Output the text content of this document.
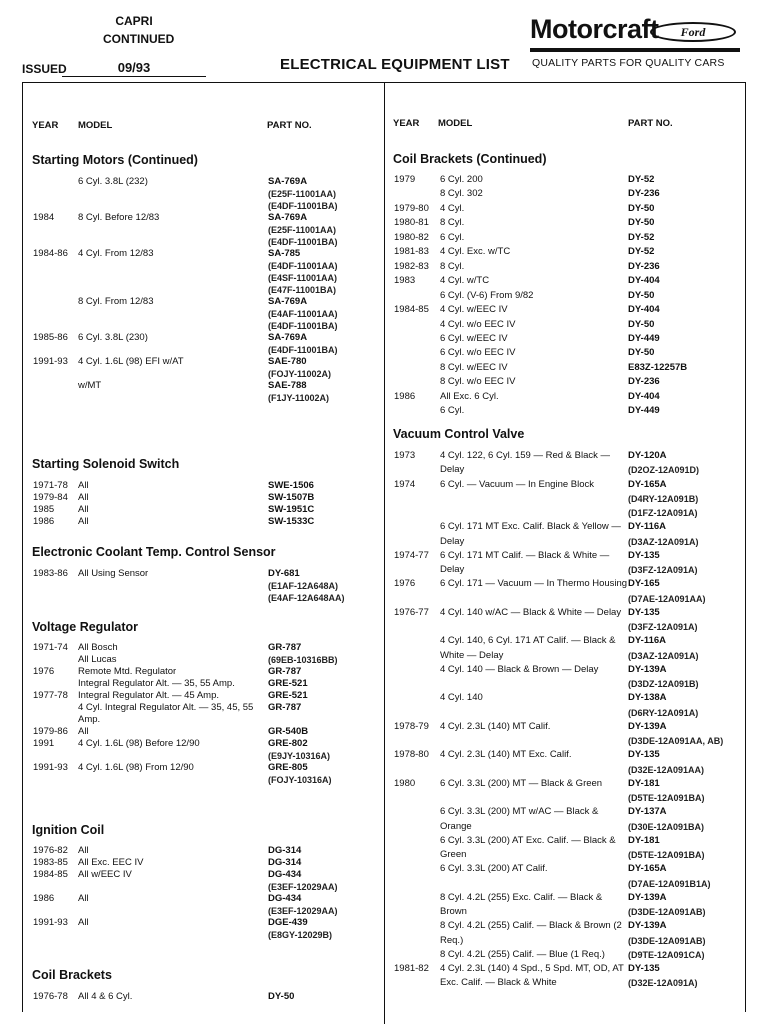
CAPRI
CONTINUED
ISSUED	09/93	ELECTRICAL EQUIPMENT LIST
Motorcraft	Ford
QUALITY PARTS FOR QUALITY CARS
YEAR MODEL	PART NO.	YEAR MODEL	PART NO.
Starting Motors (Continued)
6 Cyl. 3.8L (232)	SA-769A
(E25F-11001AA)
(E4DF-11001BA)
1984	8 Cyl. Before 12/83	SA-769A
(E25F-11001AA)
(E4DF-11001BA)
1984-86	4 Cyl. From 12/83	SA-785
(E4DF-11001AA)
(E4SF-11001AA)
(E47F-11001BA)
8 Cyl. From 12/83	SA-769A
(E4AF-11001AA)
(E4DF-11001BA)
1985-86	6 Cyl. 3.8L (230)	SA-769A
(E4DF-11001BA)
1991-93	4 Cyl. 1.6L (98) EFI w/AT	SAE-780
(FOJY-11002A)
w/MT	SAE-788
(F1JY-11002A)
Starting Solenoid Switch
1971-78	All	SWE-1506
1979-84	All	SW-1507B
1985	All	SW-1951C
1986	All	SW-1533C
Electronic Coolant Temp. Control Sensor
1983-86	All Using Sensor	DY-681
(E1AF-12A648A)
(E4AF-12A648AA)
Voltage Regulator
1971-74	All Bosch	GR-787
All Lucas	(69EB-10316BB)
1976	Remote Mtd. Regulator	GR-787
Integral Regulator Alt. — 35, 55 Amp.	GRE-521
1977-78	Integral Regulator Alt. — 45 Amp.	GRE-521
4 Cyl. Integral Regulator Alt. — 35, 45, 55 GR-787
Amp.
1979-86	All	GR-540B
1991	4 Cyl. 1.6L (98) Before 12/90	GRE-802
(E9JY-10316A)
1991-93	4 Cyl. 1.6L (98) From 12/90	GRE-805
(FOJY-10316A)
Ignition Coil
1976-82	All	DG-314
1983-85	All Exc. EEC IV	DG-314
1984-85	All w/EEC IV	DG-434
(E3EF-12029AA)
1986	All	DG-434
(E3EF-12029AA)
1991-93	All	DGE-439
(E8GY-12029B)
Coil Brackets
1976-78	All 4 & 6 Cyl.	DY-50
Coil Brackets (Continued)
1979	6 Cyl. 200	DY-52
8 Cyl. 302	DY-236
1979-80	4 Cyl.	DY-50
1980-81	8 Cyl.	DY-50
1980-82	6 Cyl.	DY-52
1981-83	4 Cyl. Exc. w/TC	DY-52
1982-83	8 Cyl.	DY-236
1983	4 Cyl. w/TC	DY-404
6 Cyl. (V-6) From 9/82	DY-50
1984-85	4 Cyl. w/EEC IV	DY-404
4 Cyl. w/o EEC IV	DY-50
6 Cyl. w/EEC IV	DY-449
6 Cyl. w/o EEC IV	DY-50
8 Cyl. w/EEC IV	E83Z-12257B
8 Cyl. w/o EEC IV	DY-236
1986	All Exc. 6 Cyl.	DY-404
6 Cyl.	DY-449
Vacuum Control Valve
1973	4 Cyl. 122, 6 Cyl. 159 — Red & Black — DY-120A
Delay	(D2OZ-12A091D)
1974	6 Cyl. — Vacuum — In Engine Block	DY-165A
(D4RY-12A091B)
(D1FZ-12A091A)
6 Cyl. 171 MT Exc. Calif. Black & Yellow — DY-116A
Delay	(D3AZ-12A091A)
1974-77	6 Cyl. 171 MT Calif. — Black & White — DY-135
Delay	(D3FZ-12A091A)
1976	6 Cyl. 171 — Vacuum — In Thermo Housing DY-165
(D7AE-12A091AA)
1976-77	4 Cyl. 140 w/AC — Black & White — Delay DY-135
(D3FZ-12A091A)
4 Cyl. 140, 6 Cyl. 171 AT Calif. — Black & DY-116A
White — Delay	(D3AZ-12A091A)
4 Cyl. 140 — Black & Brown — Delay	DY-139A
(D3DZ-12A091B)
4 Cyl. 140	DY-138A
(D6RY-12A091A)
1978-79	4 Cyl. 2.3L (140) MT Calif.	DY-139A
(D3DE-12A091AA, AB)
1978-80	4 Cyl. 2.3L (140) MT Exc. Calif.	DY-135
(D32E-12A091AA)
1980	6 Cyl. 3.3L (200) MT — Black & Green	DY-181
(D5TE-12A091BA)
6 Cyl. 3.3L (200) MT w/AC — Black &	DY-137A
Orange	(D30E-12A091BA)
6 Cyl. 3.3L (200) AT Exc. Calif. — Black & DY-181
Green	(D5TE-12A091BA)
6 Cyl. 3.3L (200) AT Calif.	DY-165A
(D7AE-12A091B1A)
8 Cyl. 4.2L (255) Exc. Calif. — Black &	DY-139A
Brown	(D3DE-12A091AB)
8 Cyl. 4.2L (255) Calif. — Black & Brown (2 DY-139A
Req.)	(D3DE-12A091AB)
8 Cyl. 4.2L (255) Calif. — Blue (1 Req.)	(D9TE-12A091CA)
1981-82	4 Cyl. 2.3L (140) 4 Spd., 5 Spd. MT, OD, AT DY-135
Exc. Calif. — Black & White	(D32E-12A091A)
